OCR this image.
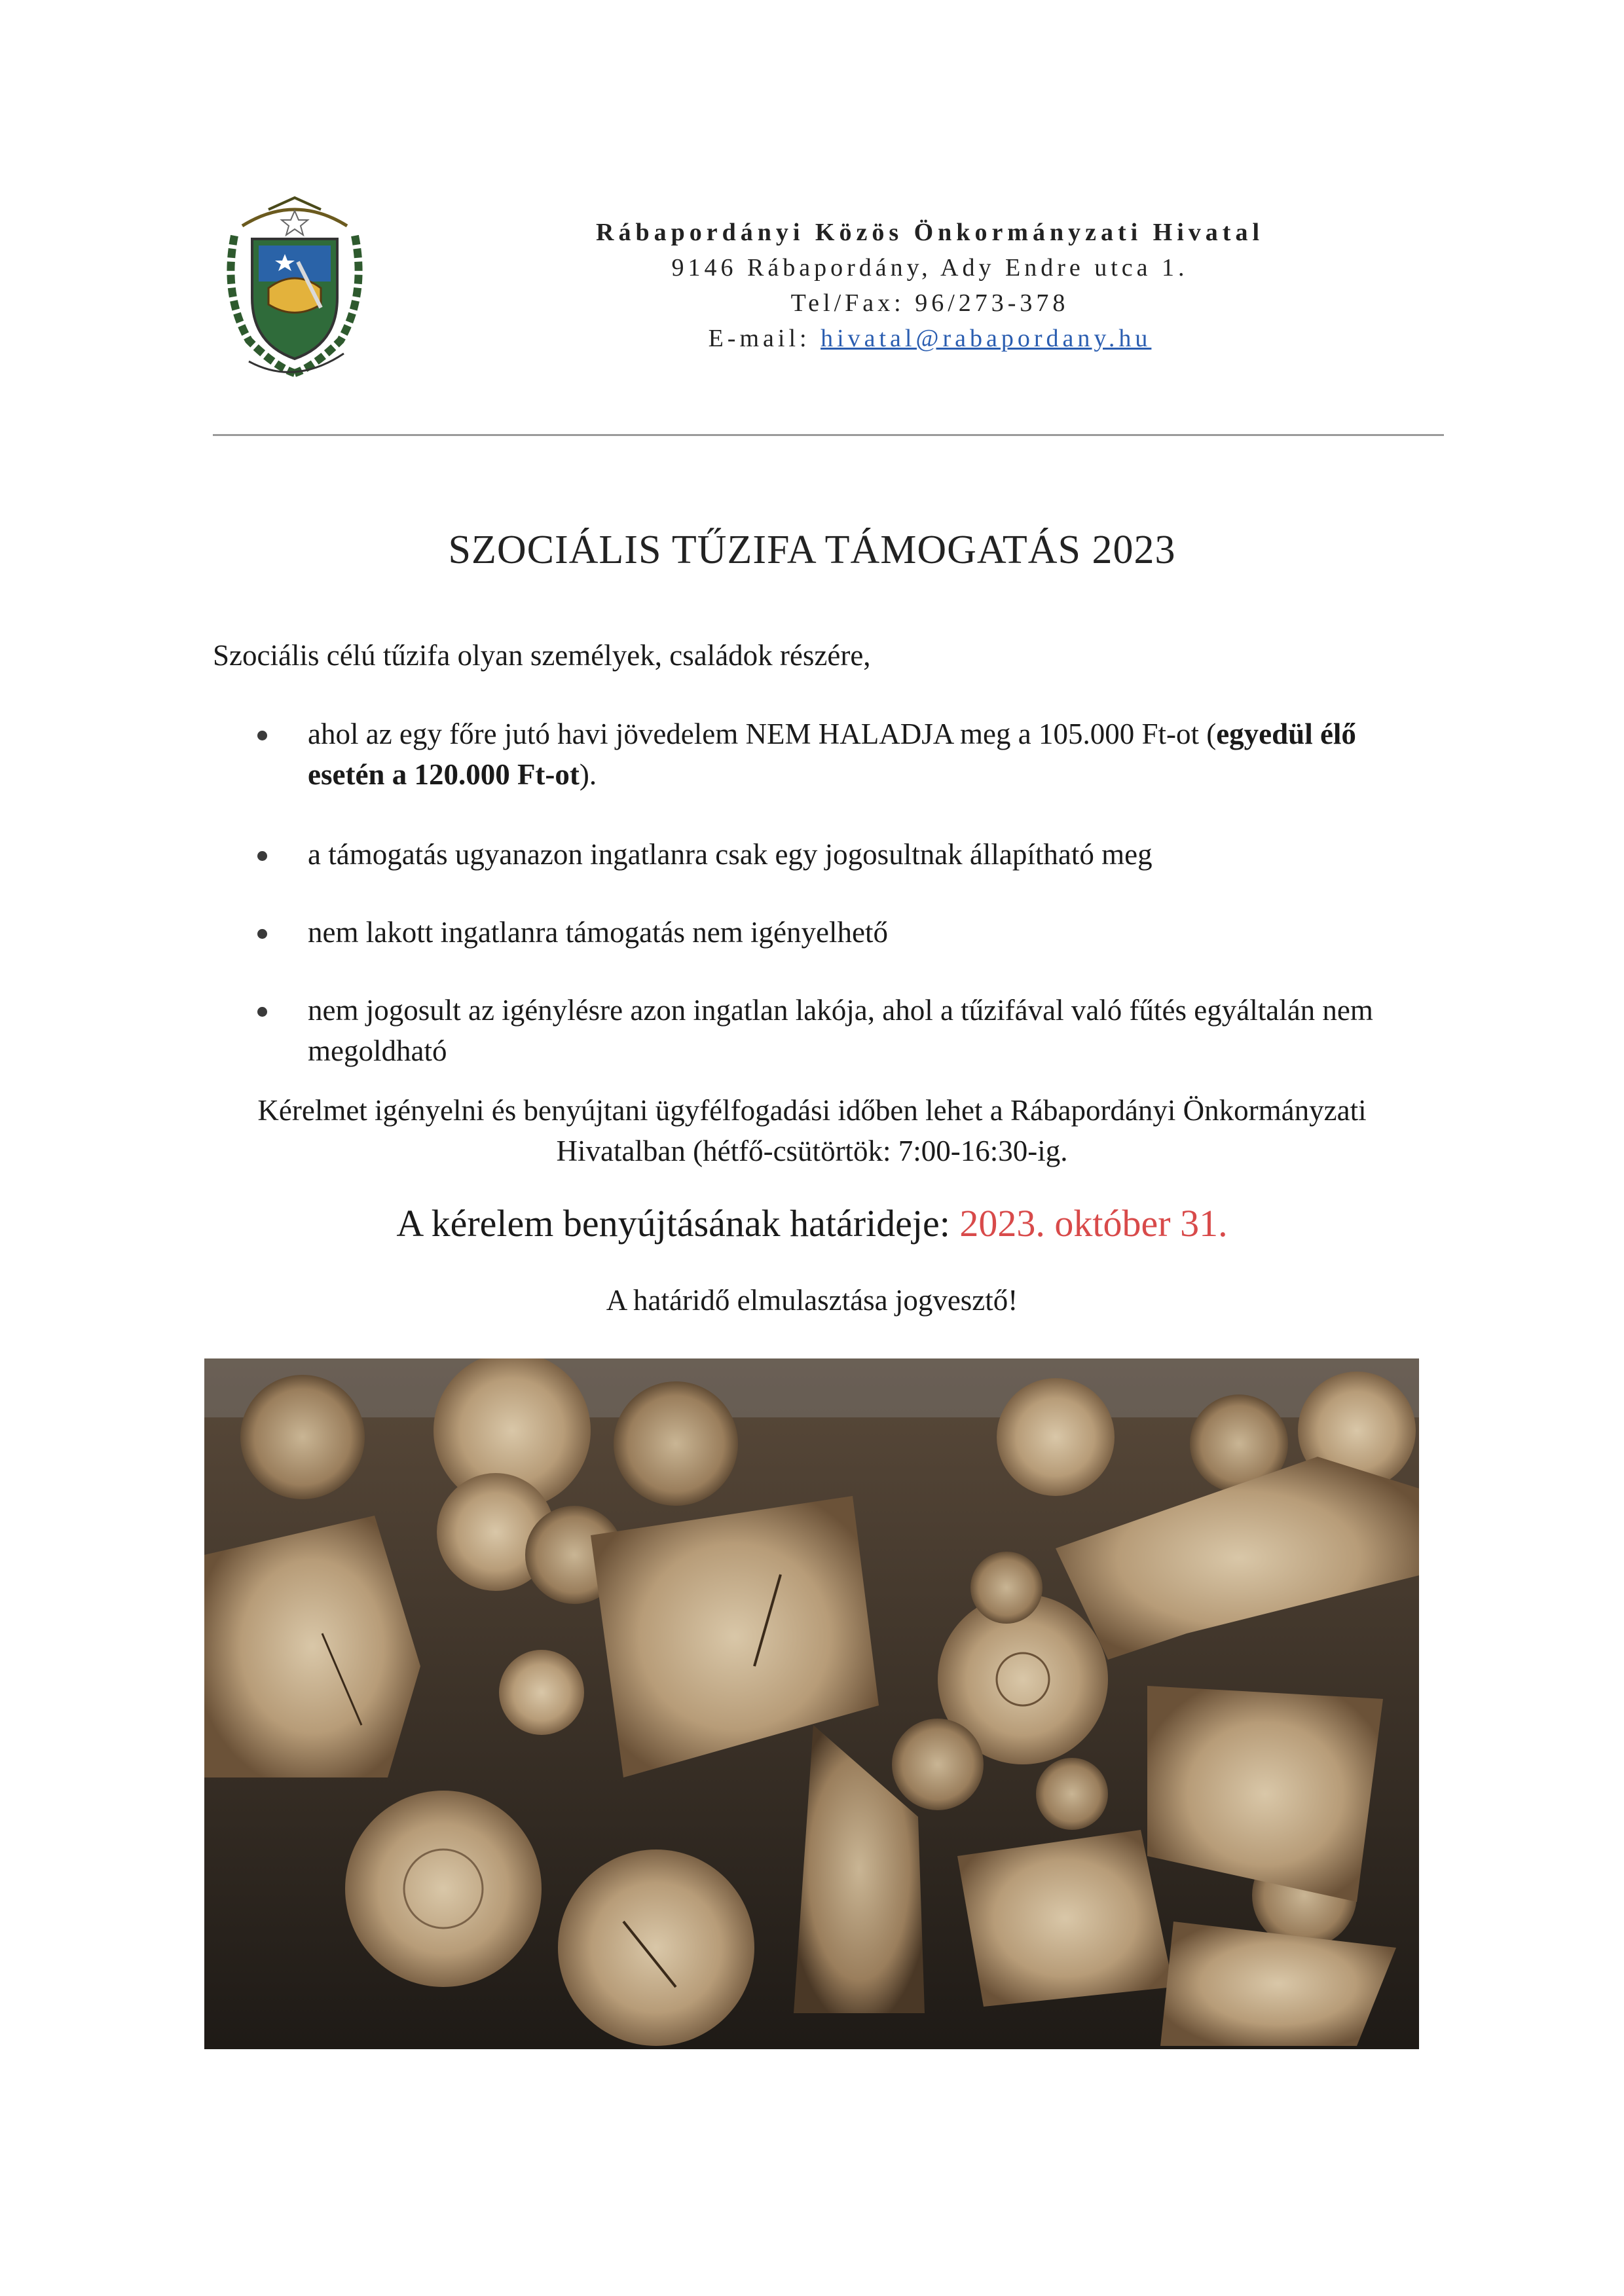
Rábapordányi Közös Önkormányzati Hivatal
9146 Rábapordány, Ady Endre utca 1.
Tel/Fax: 96/273-378
E-mail: hivatal@rabapordany.hu
SZOCIÁLIS TŰZIFA TÁMOGATÁS 2023
Szociális célú tűzifa olyan személyek, családok részére,
ahol az egy főre jutó havi jövedelem NEM HALADJA meg a 105.000 Ft-ot (egyedül élő esetén a 120.000 Ft-ot).
a támogatás ugyanazon ingatlanra csak egy jogosultnak állapítható meg
nem lakott ingatlanra támogatás nem igényelhető
nem jogosult az igénylésre azon ingatlan lakója, ahol a tűzifával való fűtés egyáltalán nem megoldható
Kérelmet igényelni és benyújtani ügyfélfogadási időben lehet a Rábapordányi Önkormányzati Hivatalban (hétfő-csütörtök: 7:00-16:30-ig.
A kérelem benyújtásának határideje: 2023. október 31.
A határidő elmulasztása jogvesztő!
